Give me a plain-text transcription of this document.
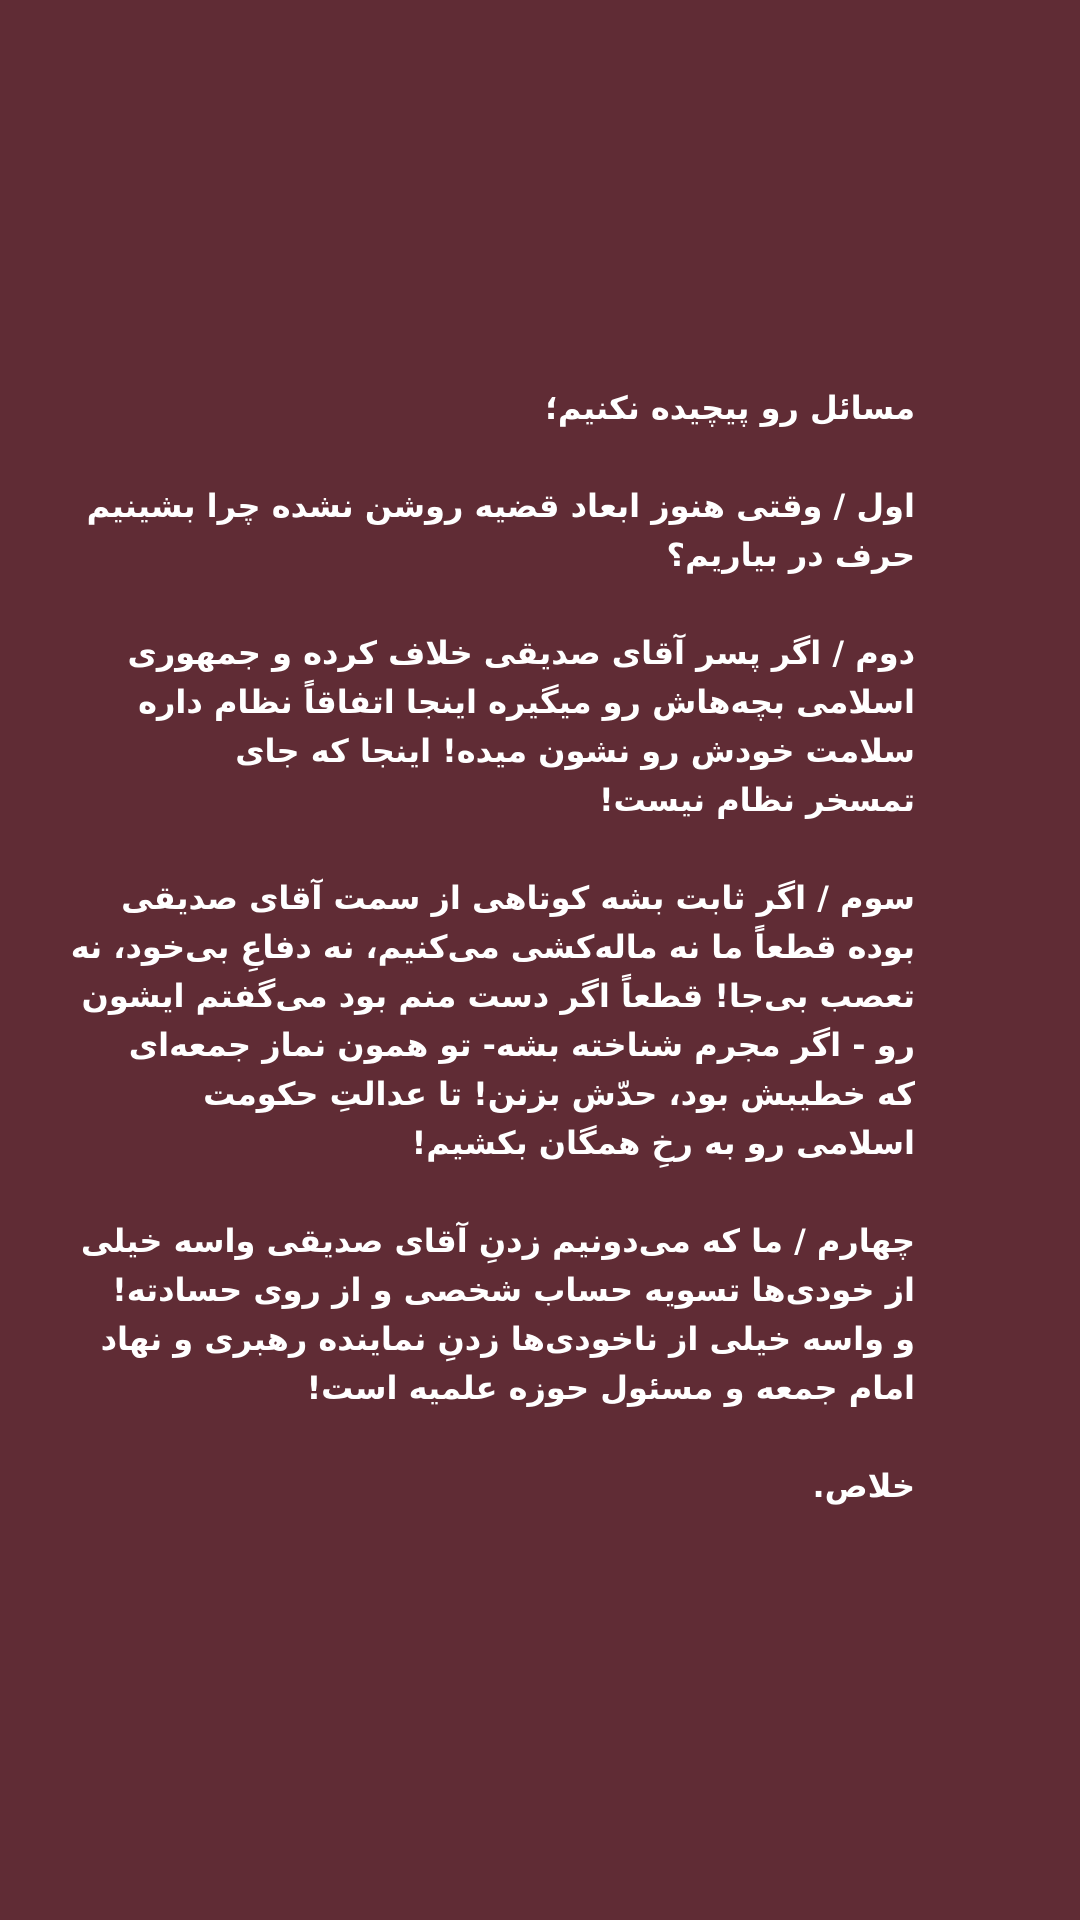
مسائل رو پیچیده نکنیم؛

اول / وقتی هنوز ابعاد قضیه روشن نشده چرا بشینیم
حرف در بیاریم؟

دوم / اگر پسر آقای صدیقی خلاف کرده و جمهوری
اسلامی بچه‌هاش رو میگیره اینجا اتفاقاً نظام داره
سلامت خودش رو نشون میده! اینجا که جای
تمسخر نظام نیست!

سوم / اگر ثابت بشه کوتاهی از سمت آقای صدیقی
بوده قطعاً ما نه ماله‌کشی می‌کنیم، نه دفاعِ بی‌خود، نه
تعصب بی‌جا! قطعاً اگر دست منم بود می‌گفتم ایشون
رو - اگر مجرم شناخته بشه- تو همون نماز جمعه‌ای
که خطیبش بود، حدّش بزنن! تا عدالتِ حکومت
اسلامی رو به رخِ همگان بکشیم!

چهارم / ما که می‌دونیم زدنِ آقای صدیقی واسه خیلی
از خودی‌ها تسویه حساب شخصی و از روی حسادته!
و واسه خیلی از ناخودی‌ها زدنِ نماینده رهبری و نهاد
امام جمعه و مسئول حوزه علمیه است!

خلاص.
